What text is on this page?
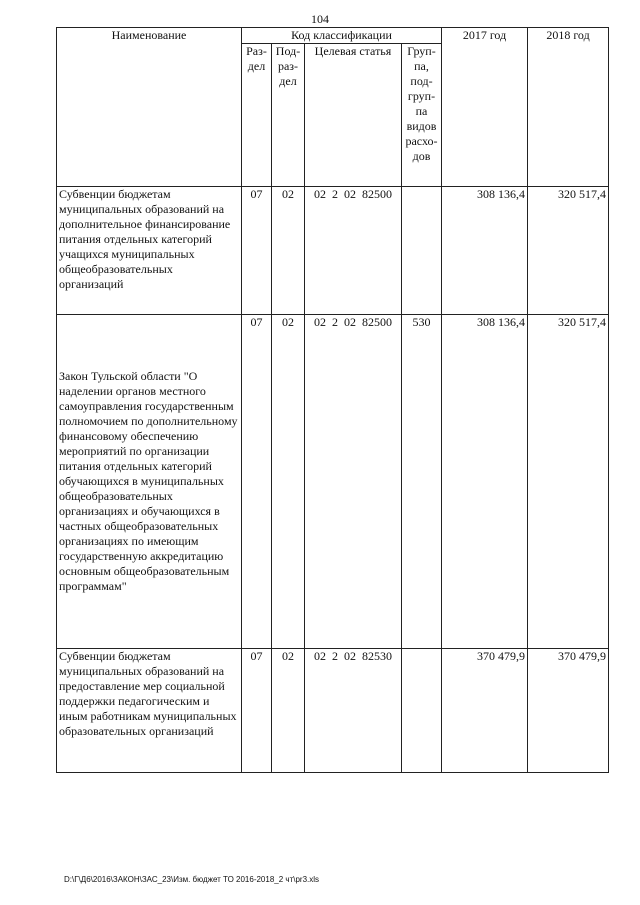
104
Наименование	Код классификации				2017 год	2018 год

	Раз-дел	Под-раз-дел	Целевая статья	Груп-па, под-груп-па видов расхо-дов		

Субвенции бюджетам муниципальных образований на дополнительное финансирование питания отдельных категорий учащихся муниципальных общеобразовательных организаций	07	02	02 2 02 82500		308 136,4	320 517,4
Закон Тульской области "О наделении органов местного самоуправления государственным полномочием по дополнительному финансовому обеспечению мероприятий по организации питания отдельных категорий обучающихся в муниципальных общеобразовательных организациях и обучающихся в частных общеобразовательных организациях по имеющим государственную аккредитацию основным общеобразовательным программам"	07	02	02 2 02 82500	530	308 136,4	320 517,4
Субвенции бюджетам муниципальных образований на предоставление мер социальной поддержки педагогическим и иным работникам муниципальных образовательных организаций	07	02	02 2 02 82530		370 479,9	370 479,9
D:\Г\Д6\2016\ЗАКОН\ЗАС_23\Изм. бюджет ТО 2016-2018_2 чт\pr3.xls
